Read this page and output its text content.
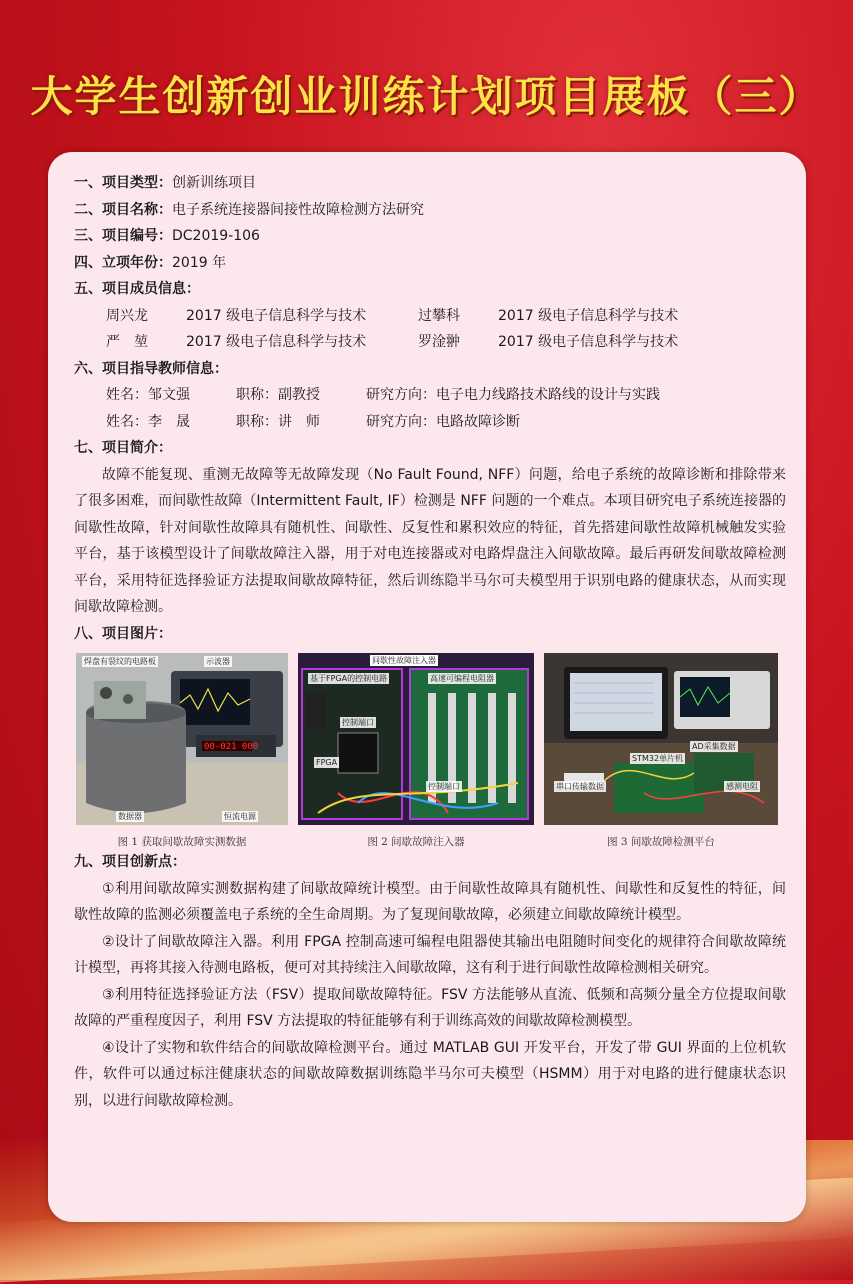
大学生创新创业训练计划项目展板（三）
一、项目类型：创新训练项目
二、项目名称：电子系统连接器间接性故障检测方法研究
三、项目编号：DC2019-106
四、立项年份：2019 年
五、项目成员信息：
周兴龙	2017 级电子信息科学与技术	过攀科	2017 级电子信息科学与技术
严　堃	2017 级电子信息科学与技术	罗淦翀	2017 级电子信息科学与技术
六、项目指导教师信息：
姓名：邹文强	职称：副教授	研究方向：电子电力线路技术路线的设计与实践
姓名：李　晟	职称：讲　师	研究方向：电路故障诊断
七、项目简介：
故障不能复现、重测无故障等无故障发现（No Fault Found, NFF）问题，给电子系统的故障诊断和排除带来了很多困难，而间歇性故障（Intermittent Fault, IF）检测是 NFF 问题的一个难点。本项目研究电子系统连接器的间歇性故障，针对间歇性故障具有随机性、间歇性、反复性和累积效应的特征，首先搭建间歇性故障机械触发实验平台，基于该模型设计了间歇故障注入器，用于对电连接器或对电路焊盘注入间歇故障。最后再研发间歇故障检测平台，采用特征选择验证方法提取间歇故障特征，然后训练隐半马尔可夫模型用于识别电路的健康状态，从而实现间歇故障检测。
八、项目图片：
00-021 000
焊盘有裂纹的电路板	示波器
数据器	恒流电源
图 1 获取间歇故障实测数据
间歇性故障注入器
基于FPGA的控制电路	高速可编程电阻器
控制端口
FPGA
控制端口
图 2 间歇故障注入器
串口传输数据
STM32单片机
AD采集数据
感测电阻
图 3 间歇故障检测平台
九、项目创新点：
①利用间歇故障实测数据构建了间歇故障统计模型。由于间歇性故障具有随机性、间歇性和反复性的特征，间歇性故障的监测必须覆盖电子系统的全生命周期。为了复现间歇故障，必须建立间歇故障统计模型。
②设计了间歇故障注入器。利用 FPGA 控制高速可编程电阻器使其输出电阻随时间变化的规律符合间歇故障统计模型，再将其接入待测电路板，便可对其持续注入间歇故障，这有利于进行间歇性故障检测相关研究。
③利用特征选择验证方法（FSV）提取间歇故障特征。FSV 方法能够从直流、低频和高频分量全方位提取间歇故障的严重程度因子，利用 FSV 方法提取的特征能够有利于训练高效的间歇故障检测模型。
④设计了实物和软件结合的间歇故障检测平台。通过 MATLAB GUI 开发平台，开发了带 GUI 界面的上位机软件，软件可以通过标注健康状态的间歇故障数据训练隐半马尔可夫模型（HSMM）用于对电路的进行健康状态识别，以进行间歇故障检测。
